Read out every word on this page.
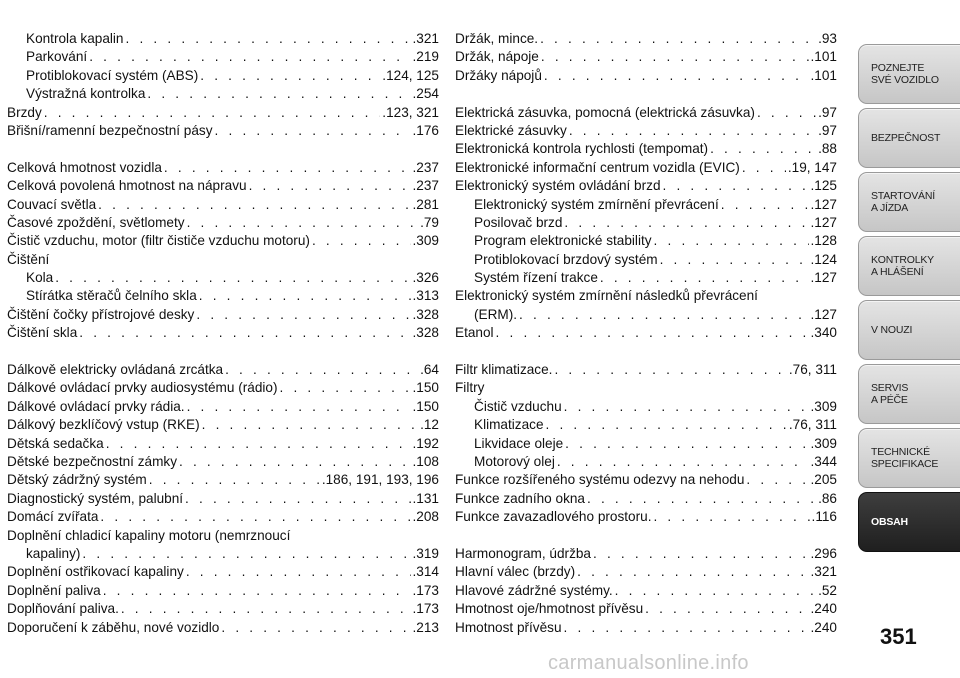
Kontrola kapalin . . .	.321
Parkování . . .	.219
Protiblokovací systém (ABS) . . .	.124, 125
Výstražná kontrolka . . .	.254
Brzdy . . .	.123, 321
Břišní/ramenní bezpečnostní pásy . . .	.176
Celková hmotnost vozidla . . .	.237
Celková povolená hmotnost na nápravu . . .	.237
Couvací světla . . .	.281
Časové zpoždění, světlomety . . .	.79
Čistič vzduchu, motor (filtr čističe vzduchu motoru) . . .	.309
Čištění
Kola . . .	.326
Stírátka stěračů čelního skla . . .	.313
Čištění čočky přístrojové desky . . .	.328
Čištění skla . . .	.328
Dálkově elektricky ovládaná zrcátka . . .	.64
Dálkové ovládací prvky audiosystému (rádio) . . .	.150
Dálkové ovládací prvky rádia. . . .	.150
Dálkový bezklíčový vstup (RKE) . . .	.12
Dětská sedačka . . .	.192
Dětské bezpečnostní zámky . . .	.108
Dětský zádržný systém . . .	.186, 191, 193, 196
Diagnostický systém, palubní . . .	.131
Domácí zvířata . . .	.208
Doplnění chladicí kapaliny motoru (nemrznoucí
kapaliny) . . .	.319
Doplnění ostřikovací kapaliny . . .	.314
Doplnění paliva . . .	.173
Doplňování paliva. . . .	.173
Doporučení k záběhu, nové vozidlo . . .	.213
Držák, mince. . . .	.93
Držák, nápoje . . .	.101
Držáky nápojů . . .	.101
Elektrická zásuvka, pomocná (elektrická zásuvka) . . .	.97
Elektrické zásuvky . . .	.97
Elektronická kontrola rychlosti (tempomat) . . .	.88
Elektronické informační centrum vozidla (EVIC) . . .	.19, 147
Elektronický systém ovládání brzd . . .	.125
Elektronický systém zmírnění převrácení . . .	.127
Posilovač brzd . . .	.127
Program elektronické stability . . .	.128
Protiblokovací brzdový systém . . .	.124
Systém řízení trakce . . .	.127
Elektronický systém zmírnění následků převrácení
(ERM). . . .	.127
Etanol . . .	.340
Filtr klimatizace. . . .	.76, 311
Filtry
Čistič vzduchu . . .	.309
Klimatizace . . .	.76, 311
Likvidace oleje . . .	.309
Motorový olej . . .	.344
Funkce rozšířeného systému odezvy na nehodu . . .	.205
Funkce zadního okna . . .	.86
Funkce zavazadlového prostoru. . . .	.116
Harmonogram, údržba . . .	.296
Hlavní válec (brzdy) . . .	.321
Hlavové zádržné systémy. . . .	.52
Hmotnost oje/hmotnost přívěsu . . .	.240
Hmotnost přívěsu . . .	.240
POZNEJTE
SVÉ VOZIDLO
BEZPEČNOST
STARTOVÁNÍ
A JÍZDA
KONTROLKY
A HLÁŠENÍ
V NOUZI
SERVIS
A PÉČE
TECHNICKÉ
SPECIFIKACE
OBSAH
351
carmanualsonline.info
